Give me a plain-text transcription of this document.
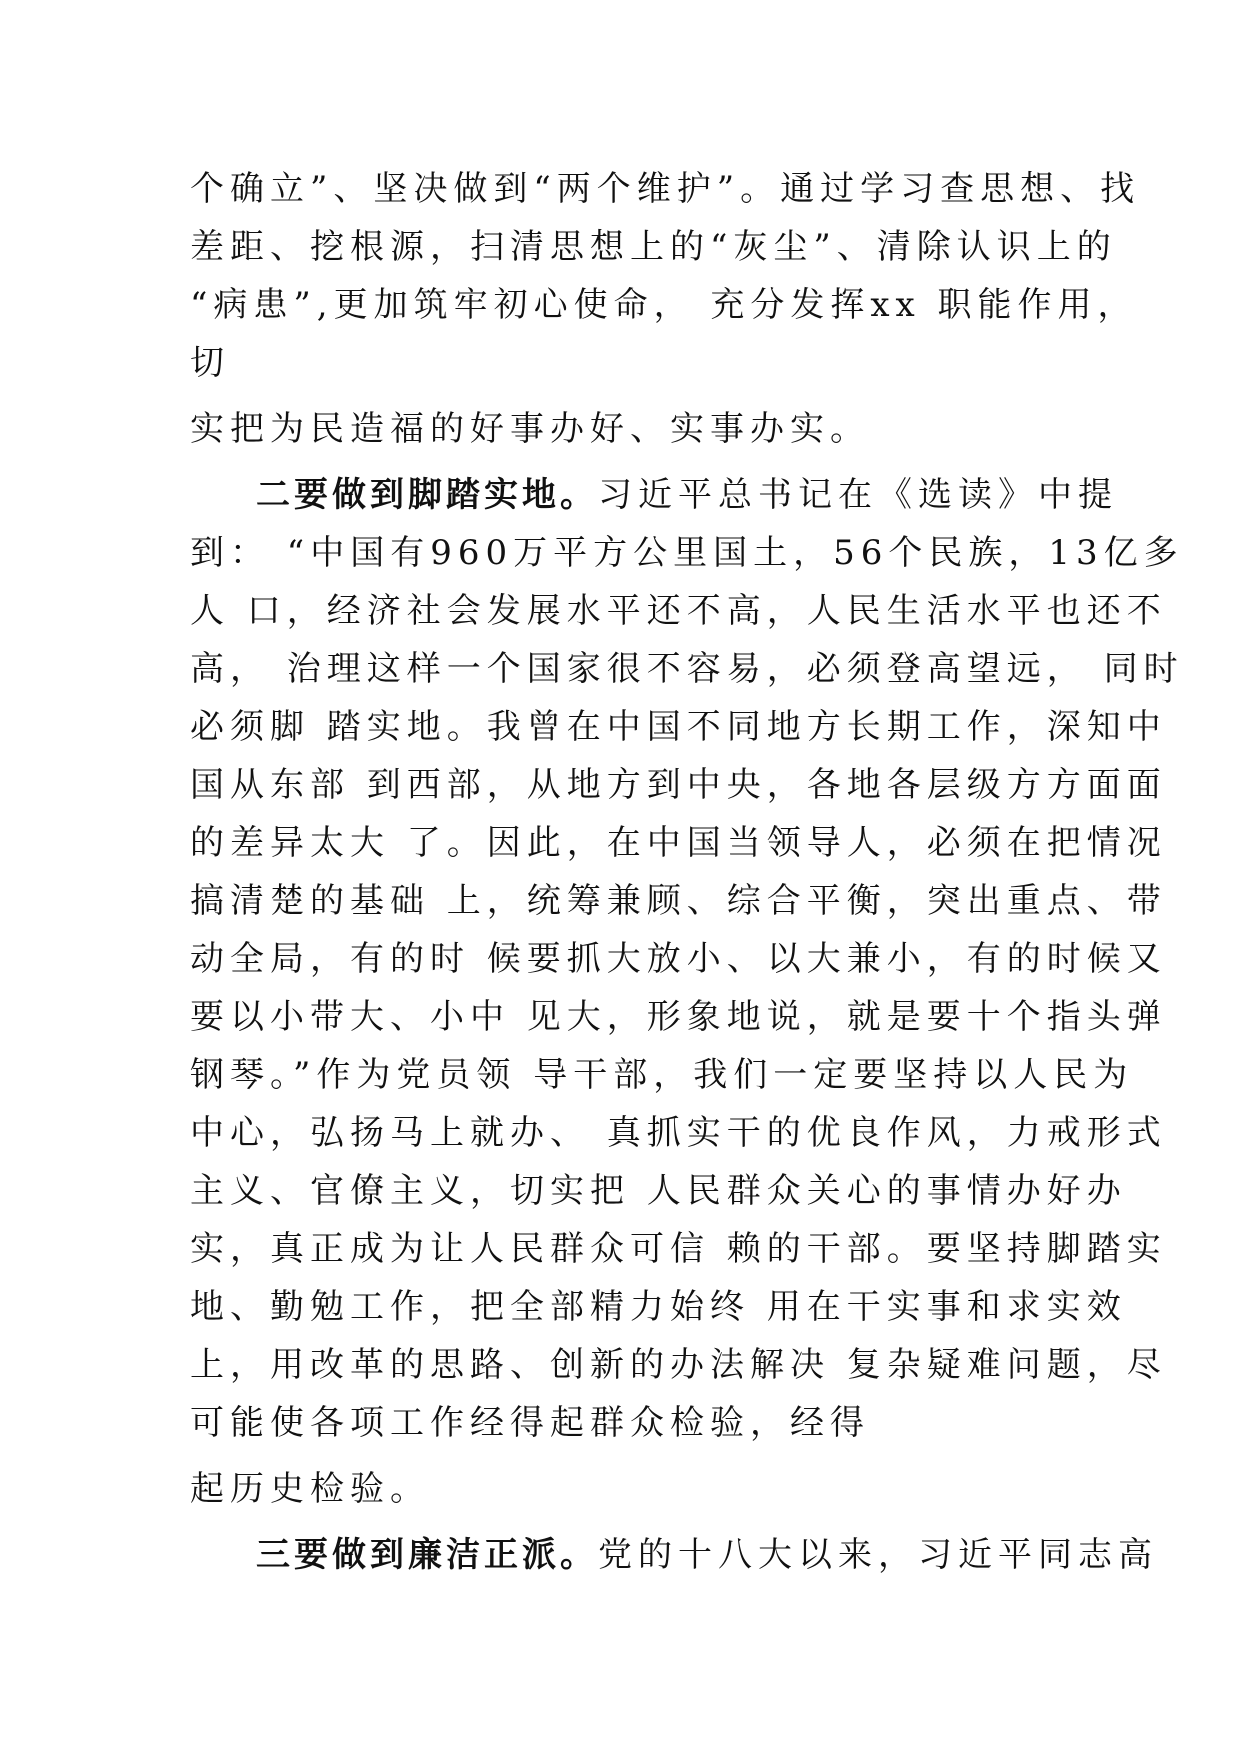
个确立”、坚决做到“两个维护”。通过学习查思想、找
差距、挖根源，扫清思想上的“灰尘”、清除认识上的
“病患”,更加筑牢初心使命， 充分发挥xx 职能作用，
切
实把为民造福的好事办好、实事办实。
二要做到脚踏实地。习近平总书记在《选读》中提
到： “中国有960万平方公里国土，56个民族，13亿多
人 口，经济社会发展水平还不高，人民生活水平也还不
高， 治理这样一个国家很不容易，必须登高望远， 同时
必须脚 踏实地。我曾在中国不同地方长期工作，深知中
国从东部 到西部，从地方到中央，各地各层级方方面面
的差异太大 了。因此，在中国当领导人，必须在把情况
搞清楚的基础 上，统筹兼顾、综合平衡，突出重点、带
动全局，有的时 候要抓大放小、以大兼小，有的时候又
要以小带大、小中 见大，形象地说，就是要十个指头弹
钢琴。”作为党员领 导干部，我们一定要坚持以人民为
中心，弘扬马上就办、 真抓实干的优良作风，力戒形式
主义、官僚主义，切实把 人民群众关心的事情办好办
实，真正成为让人民群众可信 赖的干部。要坚持脚踏实
地、勤勉工作，把全部精力始终 用在干实事和求实效
上，用改革的思路、创新的办法解决 复杂疑难问题，尽
可能使各项工作经得起群众检验，经得
起历史检验。
三要做到廉洁正派。党的十八大以来，习近平同志高
